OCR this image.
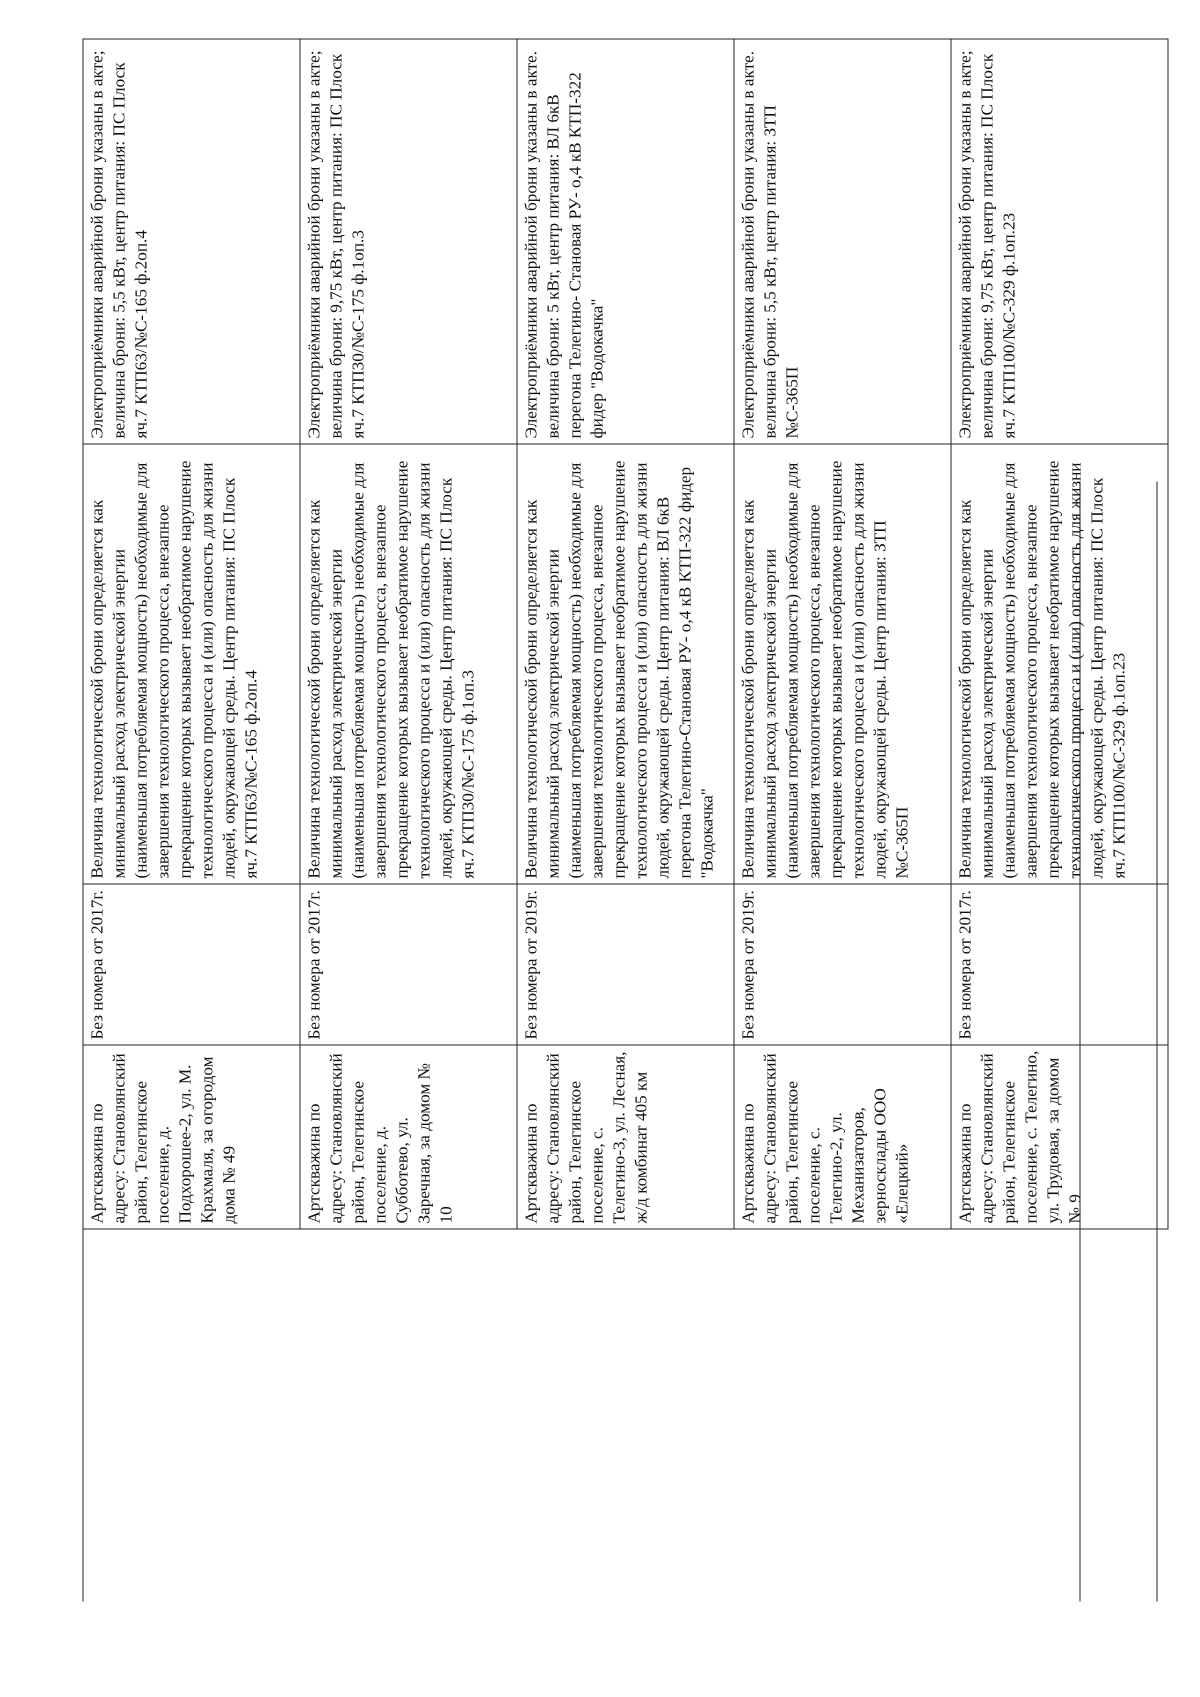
Артскважина по адресу: Становлянский район, Телегинское поселение, д. Подхорошее-2, ул. М. Крахмаля, за огородом дома № 49	Без номера от 2017г.	Величина технологической брони определяется как минимальный расход электрической энергии (наименьшая потребляемая мощность) необходимые для завершения технологического процесса, внезапное прекращение которых вызывает необратимое нарушение технологического процесса и (или) опасность для жизни людей, окружающей среды. Центр питания: ПС Плоск яч.7 КТП63/№С-165 ф.2оп.4	Электроприёмники аварийной брони указаны в акте; величина брони: 5,5 кВт, центр питания: ПС Плоск яч.7 КТП63/№С-165 ф.2оп.4
Артскважина по адресу: Становлянский район, Телегинское поселение, д. Субботево, ул. Заречная, за домом № 10	Без номера от 2017г.	Величина технологической брони определяется как минимальный расход электрической энергии (наименьшая потребляемая мощность) необходимые для завершения технологического процесса, внезапное прекращение которых вызывает необратимое нарушение технологического процесса и (или) опасность для жизни людей, окружающей среды. Центр питания: ПС Плоск яч.7 КТП30/№С-175 ф.1оп.3	Электроприёмники аварийной брони указаны в акте; величина брони: 9,75 кВт, центр питания: ПС Плоск яч.7 КТП30/№С-175 ф.1оп.3
Артскважина по адресу: Становлянский район, Телегинское поселение, с. Телегино-3, ул. Лесная, ж/д комбинат 405 км	Без номера от 2019г.	Величина технологической брони определяется как минимальный расход электрической энергии (наименьшая потребляемая мощность) необходимые для завершения технологического процесса, внезапное прекращение которых вызывает необратимое нарушение технологического процесса и (или) опасность для жизни людей, окружающей среды. Центр питания: ВЛ 6кВ перегона Телегино-Становая РУ- о,4 кВ КТП-322 фидер "Водокачка"	Электроприёмники аварийной брони указаны в акте. величина брони: 5 кВт, центр питания: ВЛ 6кВ перегона Телегино- Становая РУ- о,4 кВ КТП-322 фидер "Водокачка"
Артскважина по адресу: Становлянский район, Телегинское поселение, с. Телегино-2, ул. Механизаторов, зерносклады ООО «Елецкий»	Без номера от 2019г.	Величина технологической брони определяется как минимальный расход электрической энергии (наименьшая потребляемая мощность) необходимые для завершения технологического процесса, внезапное прекращение которых вызывает необратимое нарушение технологического процесса и (или) опасность для жизни людей, окружающей среды. Центр питания: ЗТП №С-365П	Электроприёмники аварийной брони указаны в акте. величина брони: 5,5 кВт, центр питания: ЗТП №С-365П
Артскважина по адресу: Становлянский район, Телегинское поселение, с. Телегино, ул. Трудовая, за домом № 9	Без номера от 2017г.	Величина технологической брони определяется как минимальный расход электрической энергии (наименьшая потребляемая мощность) необходимые для завершения технологического процесса, внезапное прекращение которых вызывает необратимое нарушение технологического процесса и (или) опасность для жизни людей, окружающей среды. Центр питания: ПС Плоск яч.7 КТП100/№С-329 ф.1оп.23	Электроприёмники аварийной брони указаны в акте; величина брони: 9,75 кВт, центр питания: ПС Плоск яч.7 КТП100/№С-329 ф.1оп.23
